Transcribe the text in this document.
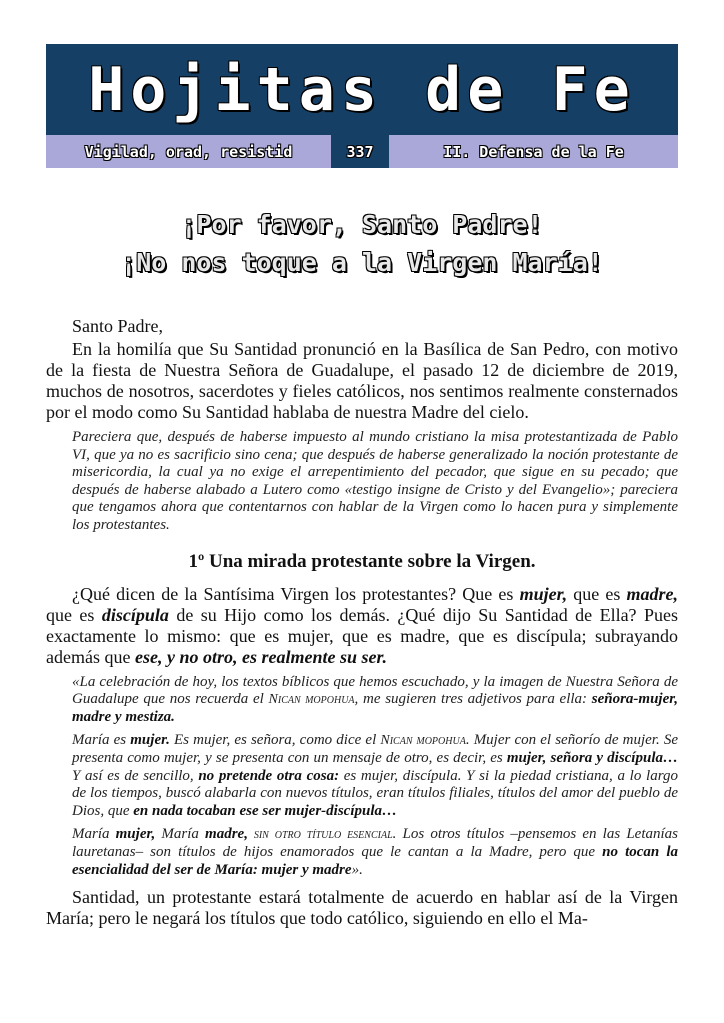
Hojitas de Fe
Vigilad, orad, resistid	337	II. Defensa de la Fe
¡Por favor, Santo Padre!
¡No nos toque a la Virgen María!

Santo Padre,

En la homilía que Su Santidad pronunció en la Basílica de San Pedro, con motivo de la fiesta de Nuestra Señora de Guadalupe, el pasado 12 de diciembre de 2019, muchos de nosotros, sacerdotes y fieles católicos, nos sentimos realmente consternados por el modo como Su Santidad hablaba de nuestra Madre del cielo.

Pareciera que, después de haberse impuesto al mundo cristiano la misa protestantizada de Pablo VI, que ya no es sacrificio sino cena; que después de haberse generalizado la noción protestante de misericordia, la cual ya no exige el arrepentimiento del pecador, que sigue en su pecado; que después de haberse alabado a Lutero como «testigo insigne de Cristo y del Evangelio»; pareciera que tengamos ahora que contentarnos con hablar de la Virgen como lo hacen pura y simplemente los protestantes.

1º Una mirada protestante sobre la Virgen.

¿Qué dicen de la Santísima Virgen los protestantes? Que es mujer, que es madre, que es discípula de su Hijo como los demás. ¿Qué dijo Su Santidad de Ella? Pues exactamente lo mismo: que es mujer, que es madre, que es discípula; subrayando además que ese, y no otro, es realmente su ser.

«La celebración de hoy, los textos bíblicos que hemos escuchado, y la imagen de Nuestra Señora de Guadalupe que nos recuerda el Nican mopohua, me sugieren tres adjetivos para ella: señora-mujer, madre y mestiza.

María es mujer. Es mujer, es señora, como dice el Nican mopohua. Mujer con el señorío de mujer. Se presenta como mujer, y se presenta con un mensaje de otro, es decir, es mujer, señora y discípula… Y así es de sencillo, no pretende otra cosa: es mujer, discípula. Y si la piedad cristiana, a lo largo de los tiempos, buscó alabarla con nuevos títulos, eran títulos filiales, títulos del amor del pueblo de Dios, que en nada tocaban ese ser mujer-discípula…

María mujer, María madre, sin otro título esencial. Los otros títulos –pensemos en las Letanías lauretanas– son títulos de hijos enamorados que le cantan a la Madre, pero que no tocan la esencialidad del ser de María: mujer y madre».

Santidad, un protestante estará totalmente de acuerdo en hablar así de la Virgen María; pero le negará los títulos que todo católico, siguiendo en ello el Ma-
